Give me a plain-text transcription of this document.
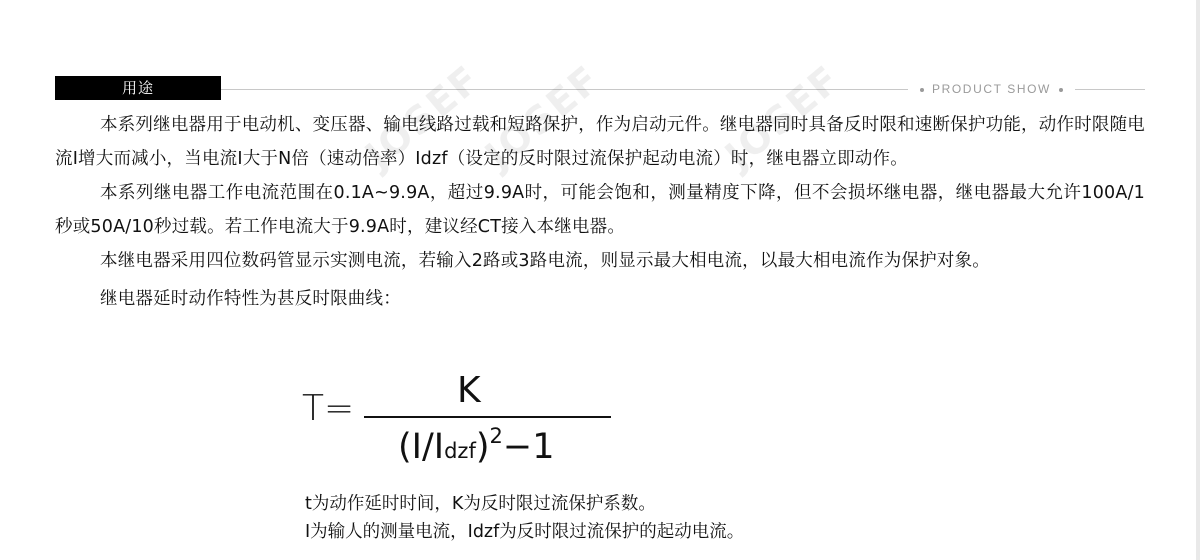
用途	PRODUCT SHOW
JOSEF
JOSEF	JOSEF

本系列继电器用于电动机、变压器、输电线路过载和短路保护，作为启动元件。继电器同时具备反时限和速断保护功能，动作时限随电流I增大而减小，当电流I大于N倍（速动倍率）Idzf（设定的反时限过流保护起动电流）时，继电器立即动作。

本系列继电器工作电流范围在0.1A~9.9A，超过9.9A时，可能会饱和，测量精度下降，但不会损坏继电器，继电器最大允许100A/1秒或50A/10秒过载。若工作电流大于9.9A时，建议经CT接入本继电器。

本继电器采用四位数码管显示实测电流，若输入2路或3路电流，则显示最大相电流，以最大相电流作为保护对象。

继电器延时动作特性为甚反时限曲线：

T=	K
(I/Idzf)$^2$−1

t为动作延时时间，K为反时限过流保护系数。

I为输人的测量电流，Idzf为反时限过流保护的起动电流。
